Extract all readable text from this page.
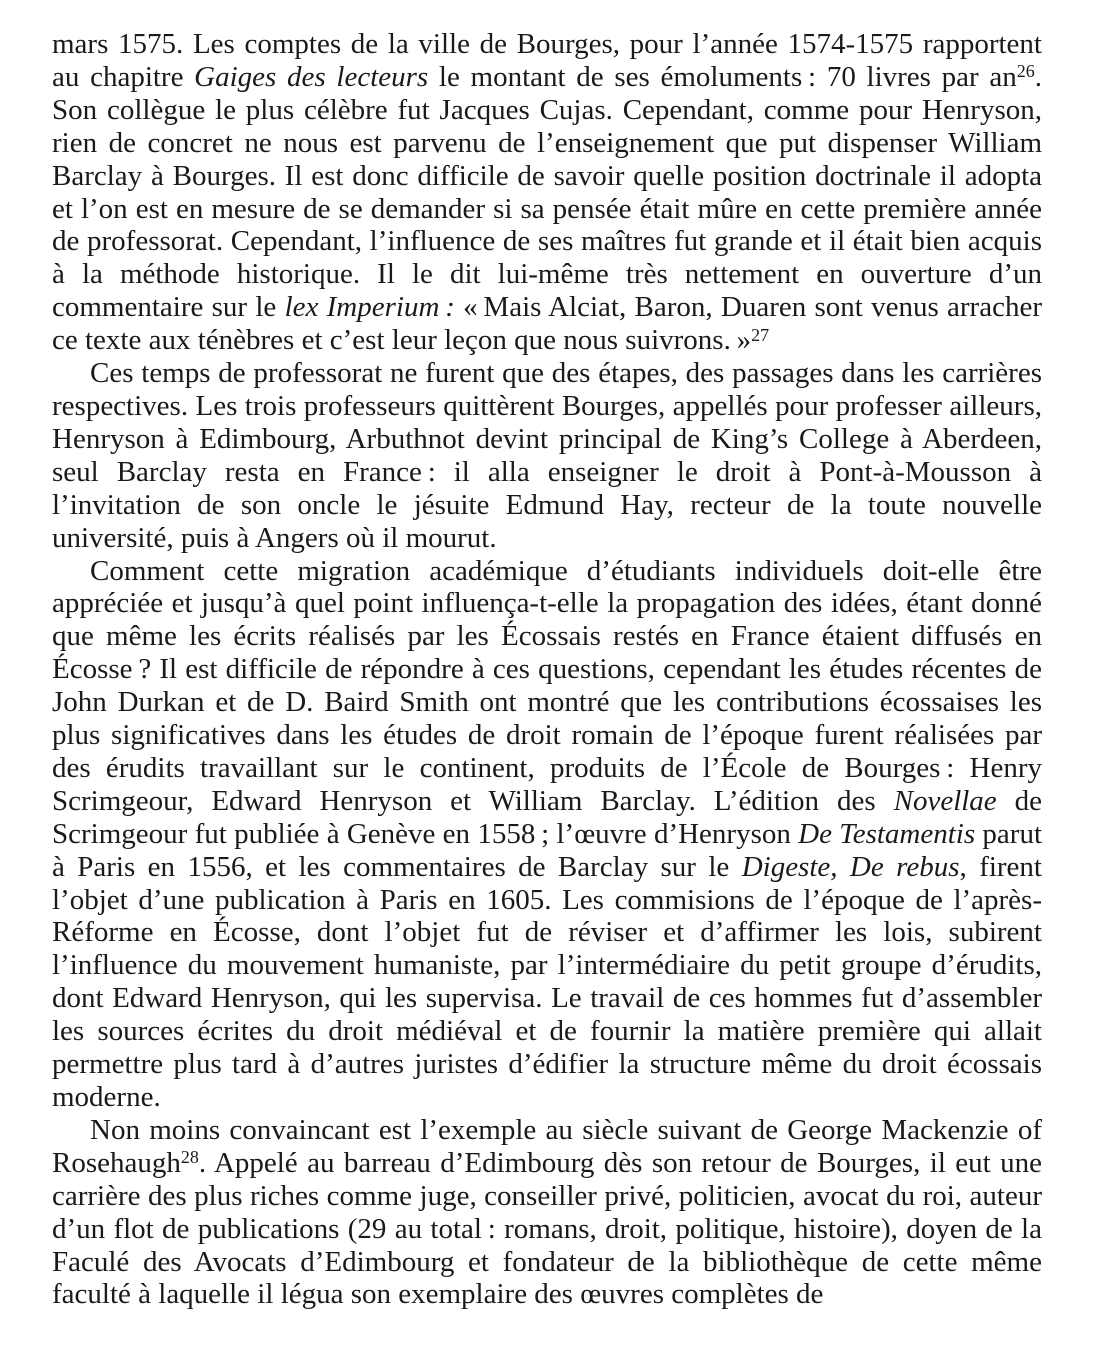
mars 1575. Les comptes de la ville de Bourges, pour l’année 1574-1575 rapportent au chapitre Gaiges des lecteurs le montant de ses émoluments : 70 livres par $an^{26}$. Son collègue le plus célèbre fut Jacques Cujas. Cependant, comme pour Henryson, rien de concret ne nous est parvenu de l’enseignement que put dispenser William Barclay à Bourges. Il est donc difficile de savoir quelle position doctrinale il adopta et l’on est en mesure de se demander si sa pensée était mûre en cette première année de professorat. Cependant, l’influence de ses maîtres fut grande et il était bien acquis à la méthode historique. Il le dit lui-même très nettement en ouverture d’un commentaire sur le lex Imperium : « Mais Alciat, Baron, Duaren sont venus arracher ce texte aux ténèbres et c’est leur leçon que nous suivrons. »$^{27}$

Ces temps de professorat ne furent que des étapes, des passages dans les carrières respectives. Les trois professeurs quittèrent Bourges, appellés pour professer ailleurs, Henryson à Edimbourg, Arbuthnot devint principal de King’s College à Aberdeen, seul Barclay resta en France : il alla enseigner le droit à Pont-à-Mousson à l’invitation de son oncle le jésuite Edmund Hay, recteur de la toute nouvelle université, puis à Angers où il mourut.

Comment cette migration académique d’étudiants individuels doit-elle être appréciée et jusqu’à quel point influença-t-elle la propagation des idées, étant donné que même les écrits réalisés par les Écossais restés en France étaient diffusés en Écosse ? Il est difficile de répondre à ces questions, cependant les études récentes de John Durkan et de D. Baird Smith ont montré que les contributions écossaises les plus significatives dans les études de droit romain de l’époque furent réalisées par des érudits travaillant sur le continent, produits de l’École de Bourges : Henry Scrimgeour, Edward Henryson et William Barclay. L’édition des Novellae de Scrimgeour fut publiée à Genève en 1558 ; l’œuvre d’Henryson De Testamentis parut à Paris en 1556, et les commentaires de Barclay sur le Digeste, De rebus, firent l’objet d’une publication à Paris en 1605. Les commisions de l’époque de l’après-Réforme en Écosse, dont l’objet fut de réviser et d’affirmer les lois, subirent l’influence du mouvement humaniste, par l’intermédiaire du petit groupe d’érudits, dont Edward Henryson, qui les supervisa. Le travail de ces hommes fut d’assembler les sources écrites du droit médiéval et de fournir la matière première qui allait permettre plus tard à d’autres juristes d’édifier la structure même du droit écossais moderne.

Non moins convaincant est l’exemple au siècle suivant de George Mackenzie of Rosehaugh$^{28}$. Appelé au barreau d’Edimbourg dès son retour de Bourges, il eut une carrière des plus riches comme juge, conseiller privé, politicien, avocat du roi, auteur d’un flot de publications (29 au total : romans, droit, politique, histoire), doyen de la Faculé des Avocats d’Edimbourg et fondateur de la bibliothèque de cette même faculté à laquelle il légua son exemplaire des œuvres complètes de
